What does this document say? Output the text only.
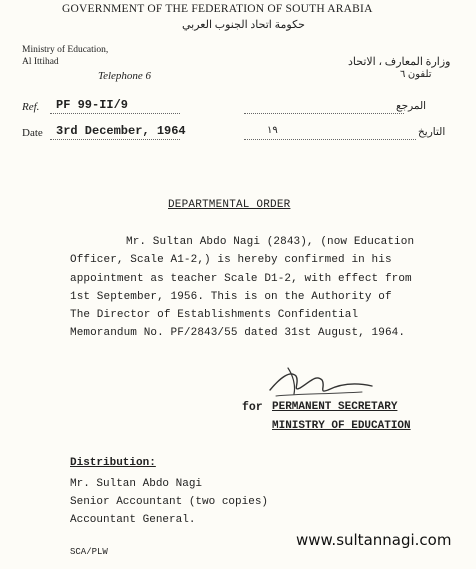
GOVERNMENT OF THE FEDERATION OF SOUTH ARABIA
حكومة اتحاد الجنوب العربي
Ministry of Education,
Al Ittihad
Telephone 6
وزارة المعارف ، الاتحاد
تلفون ٦
Ref. PF 99-II/9	المرجع
Date 3rd December, 1964	التاريخ
١٩
DEPARTMENTAL ORDER
Mr. Sultan Abdo Nagi (2843), (now Education
Officer, Scale A1-2,) is hereby confirmed in his
appointment as teacher Scale D1-2, with effect from
1st September, 1956. This is on the Authority of
The Director of Establishments Confidential
Memorandum No. PF/2843/55 dated 31st August, 1964.
for PERMANENT SECRETARY
MINISTRY OF EDUCATION
Distribution:
Mr. Sultan Abdo Nagi
Senior Accountant (two copies)
Accountant General.
SCA/PLW
www.sultannagi.com
